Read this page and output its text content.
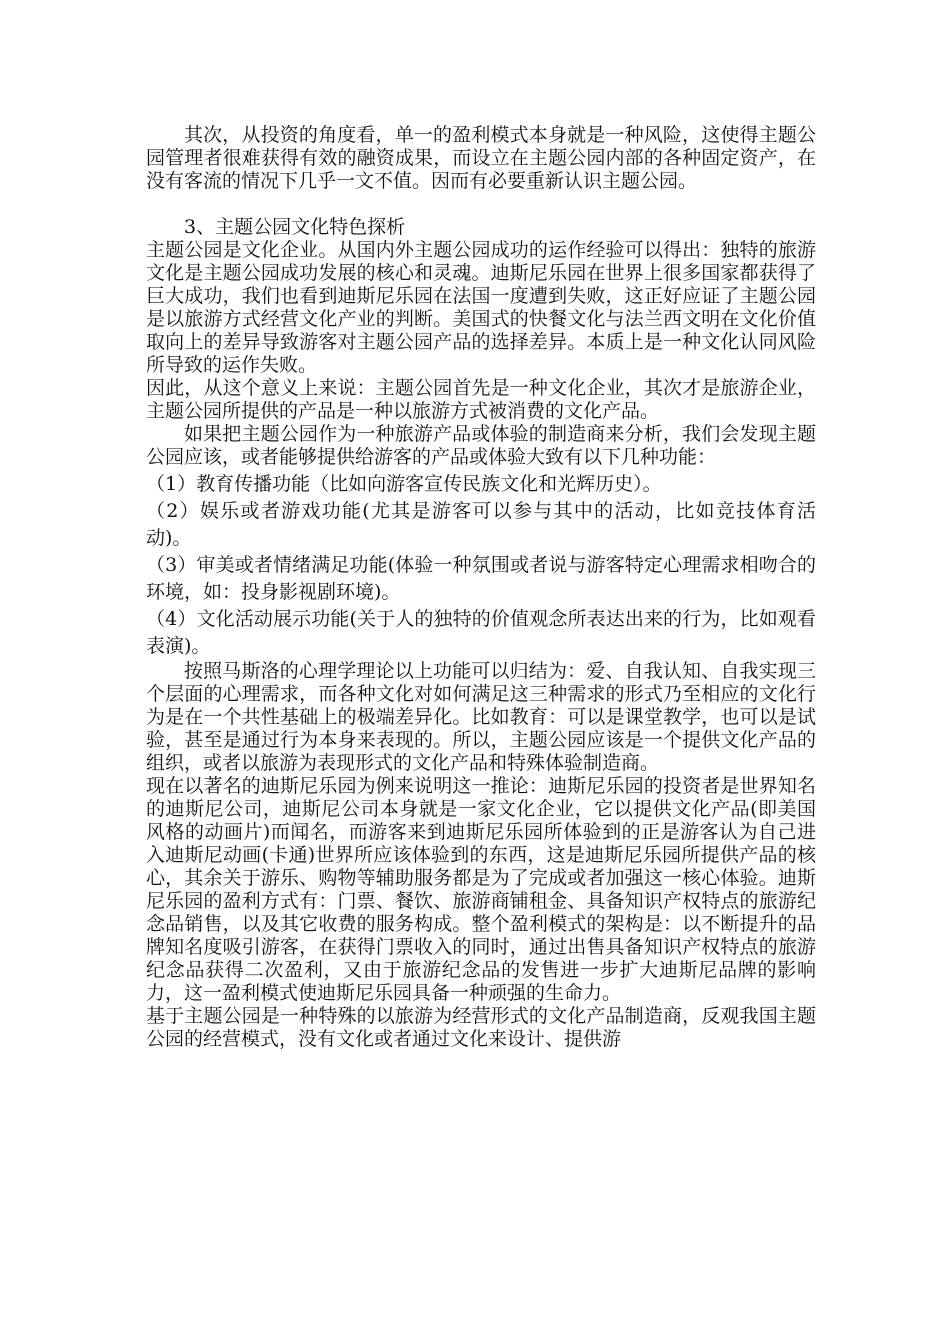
其次，从投资的角度看，单一的盈利模式本身就是一种风险，这使得主题公园管理者很难获得有效的融资成果，而设立在主题公园内部的各种固定资产，在没有客流的情况下几乎一文不值。因而有必要重新认识主题公园。

3、主题公园文化特色探析

主题公园是文化企业。从国内外主题公园成功的运作经验可以得出：独特的旅游文化是主题公园成功发展的核心和灵魂。迪斯尼乐园在世界上很多国家都获得了巨大成功，我们也看到迪斯尼乐园在法国一度遭到失败，这正好应证了主题公园是以旅游方式经营文化产业的判断。美国式的快餐文化与法兰西文明在文化价值取向上的差异导致游客对主题公园产品的选择差异。本质上是一种文化认同风险所导致的运作失败。

因此，从这个意义上来说：主题公园首先是一种文化企业，其次才是旅游企业，主题公园所提供的产品是一种以旅游方式被消费的文化产品。

如果把主题公园作为一种旅游产品或体验的制造商来分析，我们会发现主题公园应该，或者能够提供给游客的产品或体验大致有以下几种功能：

（1）教育传播功能（比如向游客宣传民族文化和光辉历史）。

（2）娱乐或者游戏功能(尤其是游客可以参与其中的活动，比如竞技体育活动)。

（3）审美或者情绪满足功能(体验一种氛围或者说与游客特定心理需求相吻合的环境，如：投身影视剧环境)。

（4）文化活动展示功能(关于人的独特的价值观念所表达出来的行为，比如观看表演)。

按照马斯洛的心理学理论以上功能可以归结为：爱、自我认知、自我实现三个层面的心理需求，而各种文化对如何满足这三种需求的形式乃至相应的文化行为是在一个共性基础上的极端差异化。比如教育：可以是课堂教学，也可以是试验，甚至是通过行为本身来表现的。所以，主题公园应该是一个提供文化产品的组织，或者以旅游为表现形式的文化产品和特殊体验制造商。

现在以著名的迪斯尼乐园为例来说明这一推论：迪斯尼乐园的投资者是世界知名的迪斯尼公司，迪斯尼公司本身就是一家文化企业，它以提供文化产品(即美国风格的动画片)而闻名，而游客来到迪斯尼乐园所体验到的正是游客认为自己进入迪斯尼动画(卡通)世界所应该体验到的东西，这是迪斯尼乐园所提供产品的核心，其余关于游乐、购物等辅助服务都是为了完成或者加强这一核心体验。迪斯尼乐园的盈利方式有：门票、餐饮、旅游商铺租金、具备知识产权特点的旅游纪念品销售，以及其它收费的服务构成。整个盈利模式的架构是：以不断提升的品牌知名度吸引游客，在获得门票收入的同时，通过出售具备知识产权特点的旅游纪念品获得二次盈利，又由于旅游纪念品的发售进一步扩大迪斯尼品牌的影响力，这一盈利模式使迪斯尼乐园具备一种顽强的生命力。

基于主题公园是一种特殊的以旅游为经营形式的文化产品制造商，反观我国主题公园的经营模式，没有文化或者通过文化来设计、提供游
